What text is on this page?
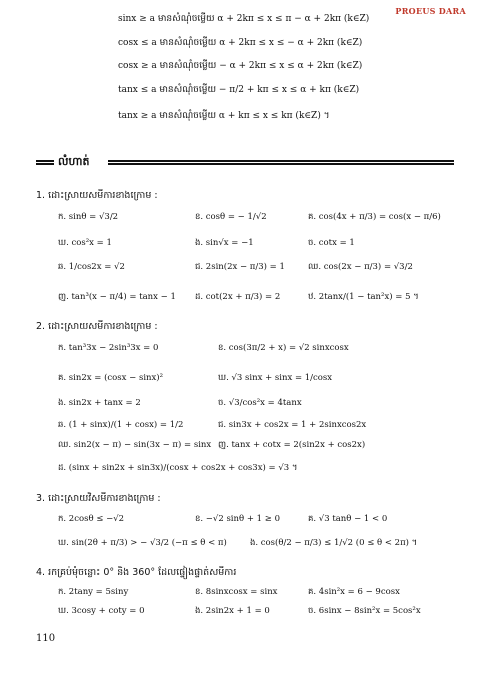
PROEUS DARA
sinx ≥ a មានសំណុំចម្លើយ α + 2kπ ≤ x ≤ π − α + 2kπ (k∈Z)
cosx ≤ a មានសំណុំចម្លើយ α + 2kπ ≤ x ≤ − α + 2kπ (k∈Z)
cosx ≥ a មានសំណុំចម្លើយ − α + 2kπ ≤ x ≤ α + 2kπ (k∈Z)
tanx ≤ a មានសំណុំចម្លើយ − π/2 + kπ ≤ x ≤ α + kπ (k∈Z)
tanx ≥ a មានសំណុំចម្លើយ α + kπ ≤ x ≤ kπ (k∈Z) ។
លំហាត់
1. ដោះស្រាយសមីការខាងក្រោម :
ក. sinθ = √3/2	ខ. cosθ = − 1/√2	គ. cos(4x + π/3) = cos(x − π/6)
ឃ. cos²x = 1	ង. sin√x = −1	ច. cotx = 1
ឆ. 1/cos2x = √2	ជ. 2sin(2x − π/3) = 1	ឈ. cos(2x − π/3) = √3/2
ញ. tan³(x − π/4) = tanx − 1 ដ. cot(2x + π/3) = 2	ឋ. 2tanx/(1 − tan²x) = 5 ។
2. ដោះស្រាយសមីការខាងក្រោម :
ក. tan³3x − 2sin³3x = 0	ខ. cos(3π/2 + x) = √2 sinxcosx
គ. sin2x = (cosx − sinx)²	ឃ. √3 sinx + sinx = 1/cosx
ង. sin2x + tanx = 2	ច. √3/cos²x = 4tanx
ឆ. (1 + sinx)/(1 + cosx) = 1/2	ជ. sin3x + cos2x = 1 + 2sinxcos2x
ឈ. sin2(x − π) − sin(3x − π) = sinx ញ. tanx + cotx = 2(sin2x + cos2x)
ដ. (sinx + sin2x + sin3x)/(cosx + cos2x + cos3x) = √3 ។
3. ដោះស្រាយវិសមីការខាងក្រោម :
ក. 2cosθ ≤ −√2	ខ. −√2 sinθ + 1 ≥ 0	គ. √3 tanθ − 1 < 0
ឃ. sin(2θ + π/3) > − √3/2 (−π ≤ θ < π)	ង. cos(θ/2 − π/3) ≤ 1/√2 (0 ≤ θ < 2π) ។
4. រកគ្រប់មុំចន្លោះ 0° និង 360° ដែលផ្ទៀងផ្ទាត់សមីការ
ក. 2tany = 5siny	ខ. 8sinxcosx = sinx	គ. 4sin²x = 6 − 9cosx
ឃ. 3cosy + coty = 0	ង. 2sin2x + 1 = 0	ច. 6sinx − 8sin²x = 5cos²x
110
